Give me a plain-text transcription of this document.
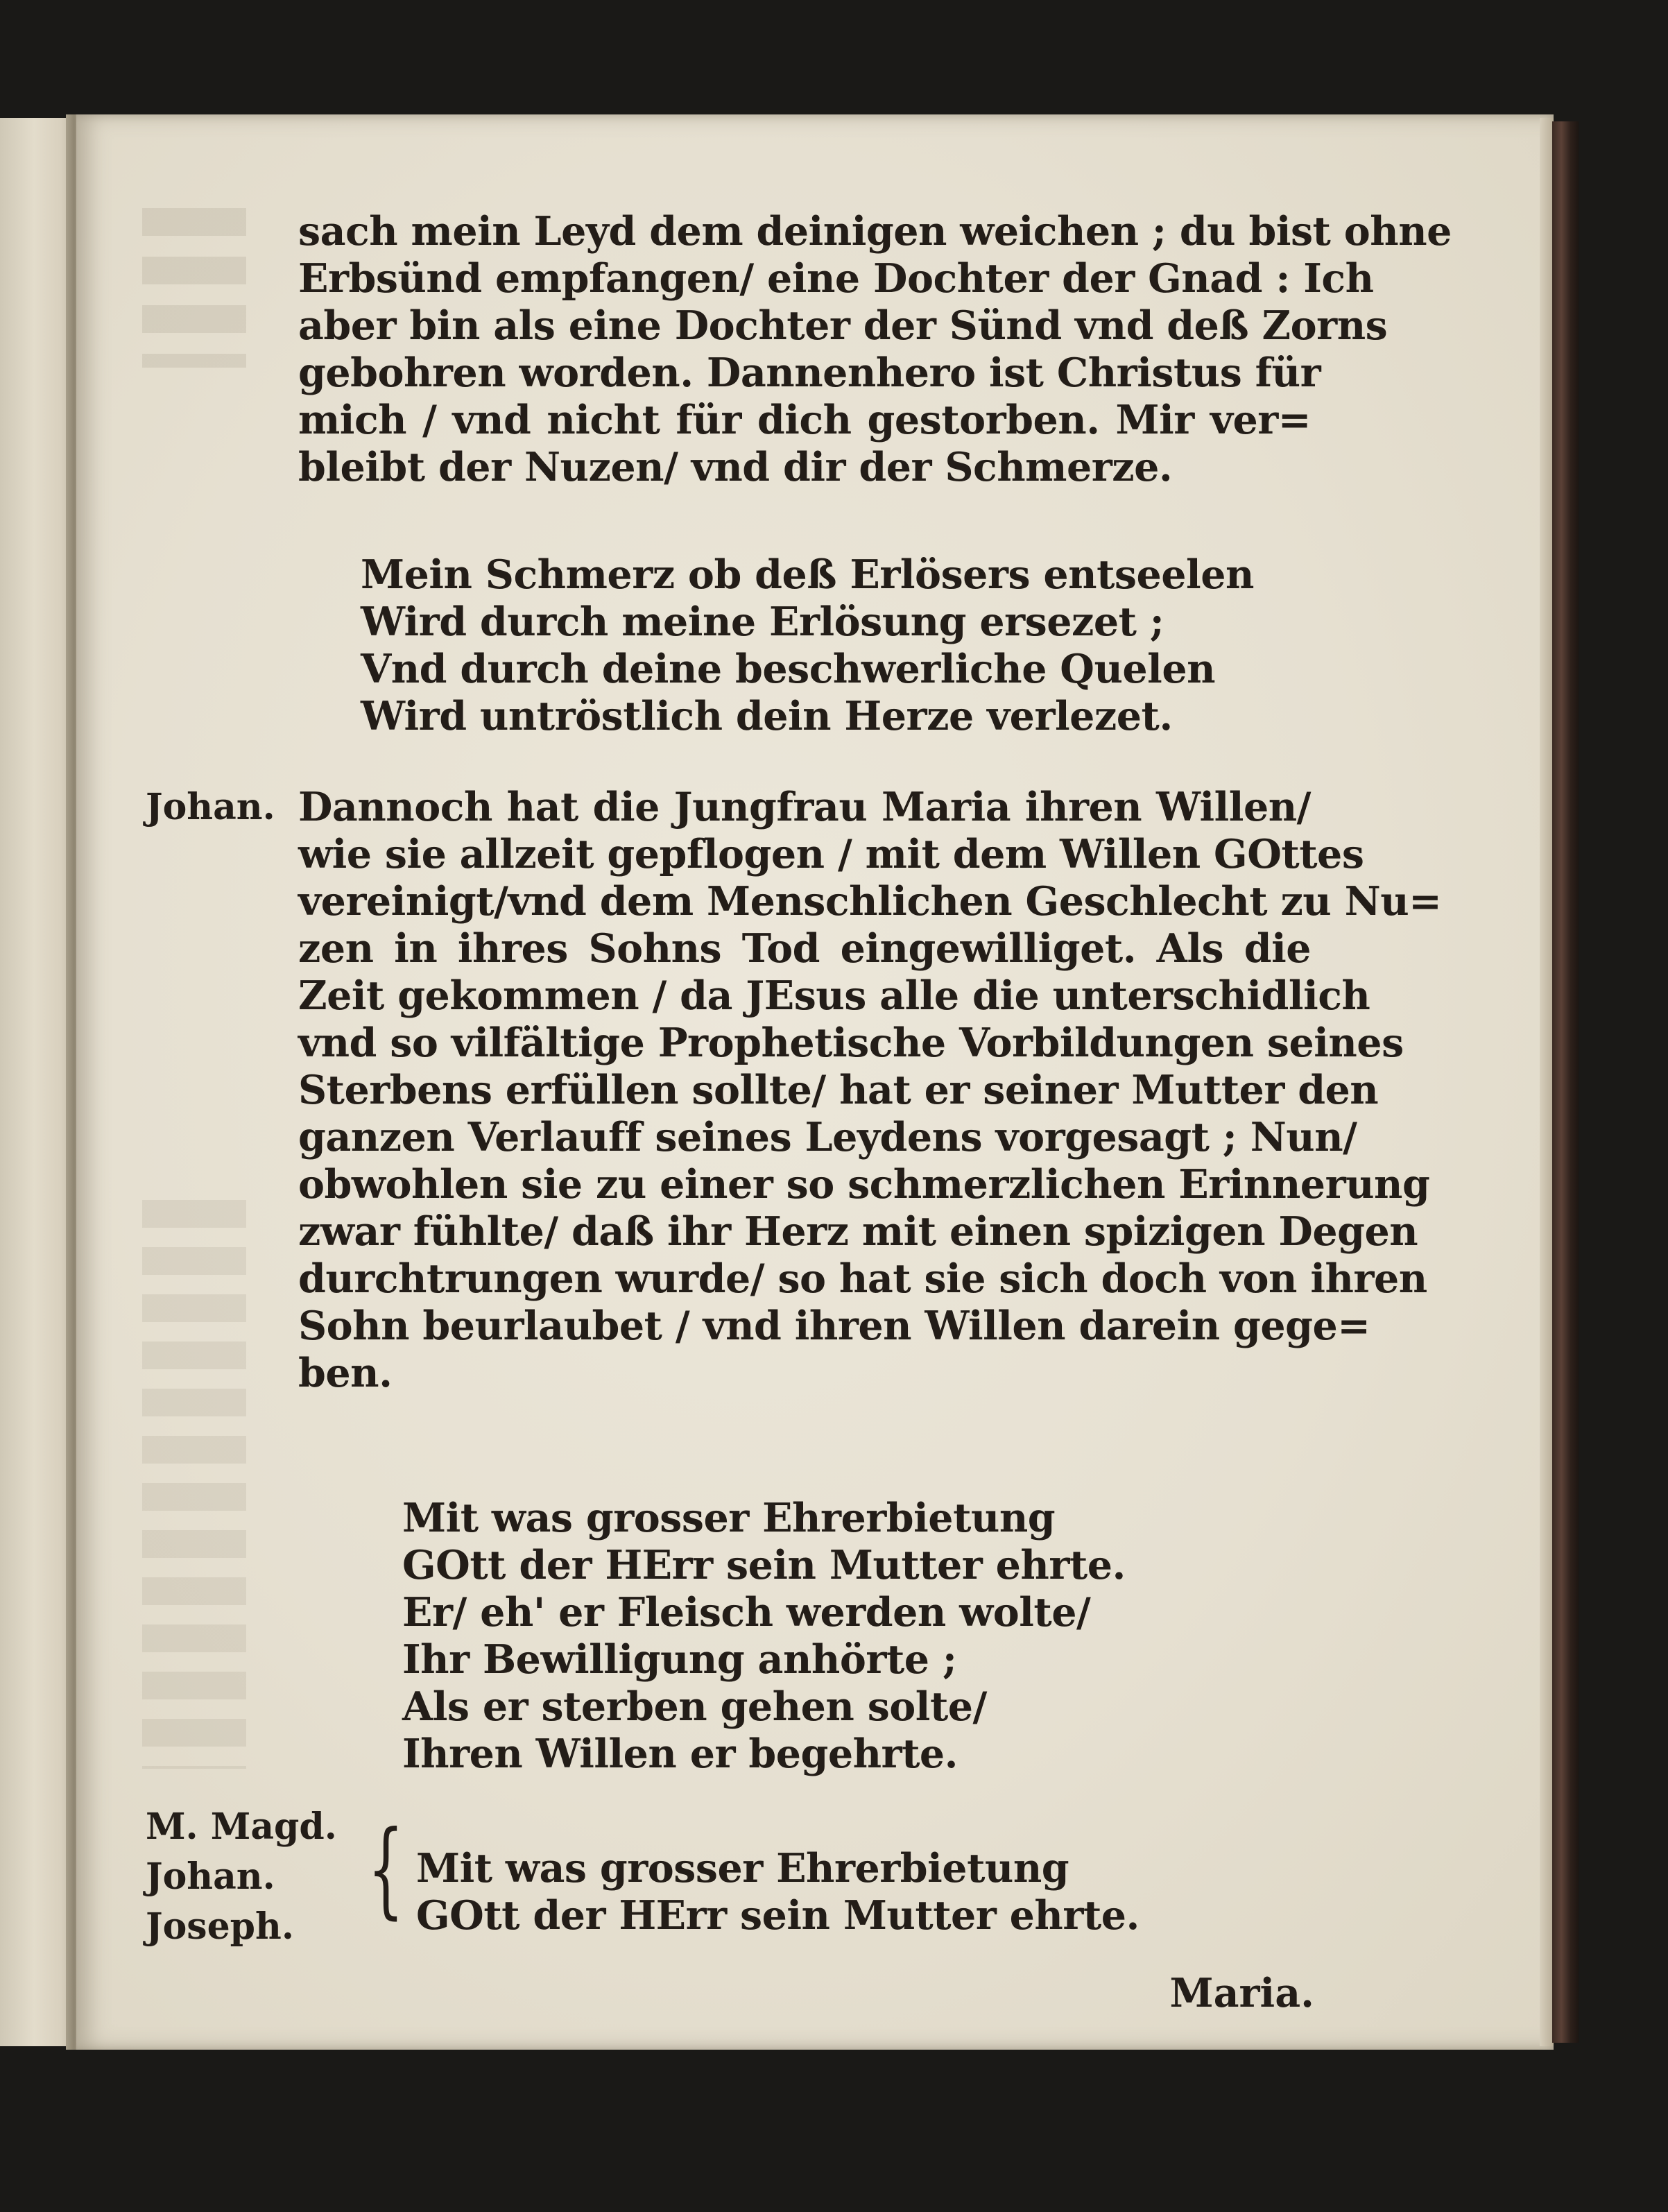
sach mein Leyd dem deinigen weichen ; du bist ohne
Erbsünd empfangen/ eine Dochter der Gnad : Ich
aber bin als eine Dochter der Sünd vnd deß Zorns
gebohren worden. Dannenhero ist Christus für
mich / vnd nicht für dich gestorben. Mir ver=
bleibt der Nuzen/ vnd dir der Schmerze.
Mein Schmerz ob deß Erlösers entseelen
Wird durch meine Erlösung ersezet ;
Vnd durch deine beschwerliche Quelen
Wird untröstlich dein Herze verlezet.
Johan. Dannoch hat die Jungfrau Maria ihren Willen/
wie sie allzeit gepflogen / mit dem Willen GOttes
vereinigt/vnd dem Menschlichen Geschlecht zu Nu=
zen in ihres Sohns Tod eingewilliget. Als die
Zeit gekommen / da JEsus alle die unterschidlich
vnd so vilfältige Prophetische Vorbildungen seines
Sterbens erfüllen sollte/ hat er seiner Mutter den
ganzen Verlauff seines Leydens vorgesagt ; Nun/
obwohlen sie zu einer so schmerzlichen Erinnerung
zwar fühlte/ daß ihr Herz mit einen spizigen Degen
durchtrungen wurde/ so hat sie sich doch von ihren
Sohn beurlaubet / vnd ihren Willen darein gege=
ben.
Mit was grosser Ehrerbietung
GOtt der HErr sein Mutter ehrte.
Er/ eh' er Fleisch werden wolte/
Ihr Bewilligung anhörte ;
Als er sterben gehen solte/
Ihren Willen er begehrte.
M. Magd.
Johan.
Joseph. { Mit was grosser Ehrerbietung
GOtt der HErr sein Mutter ehrte.
Maria.
